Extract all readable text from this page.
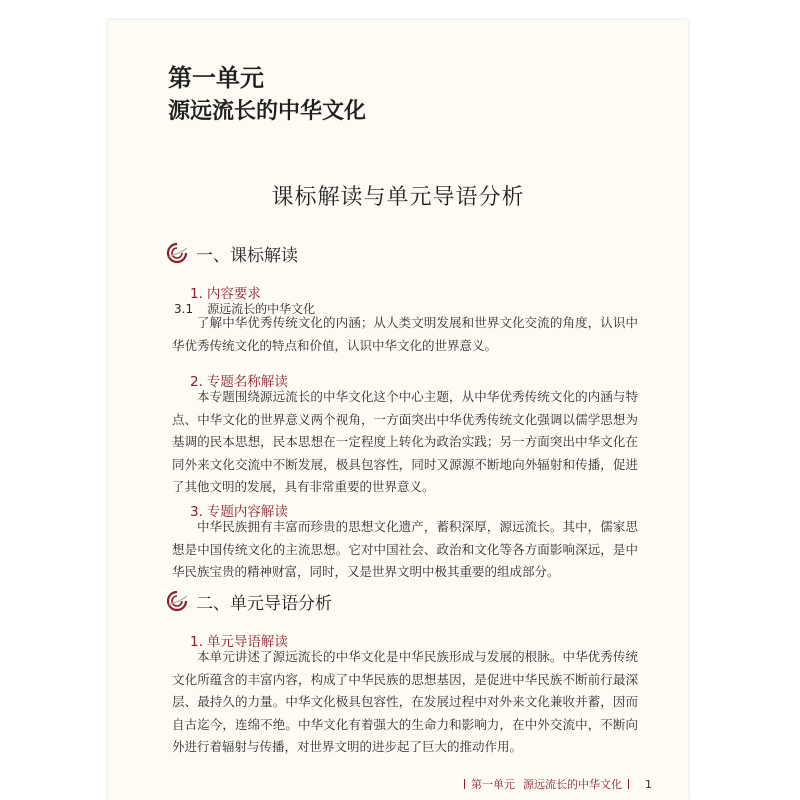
第一单元
源远流长的中华文化
课标解读与单元导语分析
一、课标解读
1. 内容要求
3.1 源远流长的中华文化
了解中华优秀传统文化的内涵；从人类文明发展和世界文化交流的角度，认识中华优秀传统文化的特点和价值，认识中华文化的世界意义。
2. 专题名称解读
本专题围绕源远流长的中华文化这个中心主题，从中华优秀传统文化的内涵与特点、中华文化的世界意义两个视角，一方面突出中华优秀传统文化强调以儒学思想为基调的民本思想，民本思想在一定程度上转化为政治实践；另一方面突出中华文化在同外来文化交流中不断发展，极具包容性，同时又源源不断地向外辐射和传播，促进了其他文明的发展，具有非常重要的世界意义。
3. 专题内容解读
中华民族拥有丰富而珍贵的思想文化遗产，蓄积深厚，源远流长。其中，儒家思想是中国传统文化的主流思想。它对中国社会、政治和文化等各方面影响深远，是中华民族宝贵的精神财富，同时，又是世界文明中极其重要的组成部分。
二、单元导语分析
1. 单元导语解读
本单元讲述了源远流长的中华文化是中华民族形成与发展的根脉。中华优秀传统文化所蕴含的丰富内容，构成了中华民族的思想基因，是促进中华民族不断前行最深层、最持久的力量。中华文化极具包容性，在发展过程中对外来文化兼收并蓄，因而自古迄今，连绵不绝。中华文化有着强大的生命力和影响力，在中外交流中，不断向外进行着辐射与传播，对世界文明的进步起了巨大的推动作用。
第一单元 源远流长的中华文化 1
